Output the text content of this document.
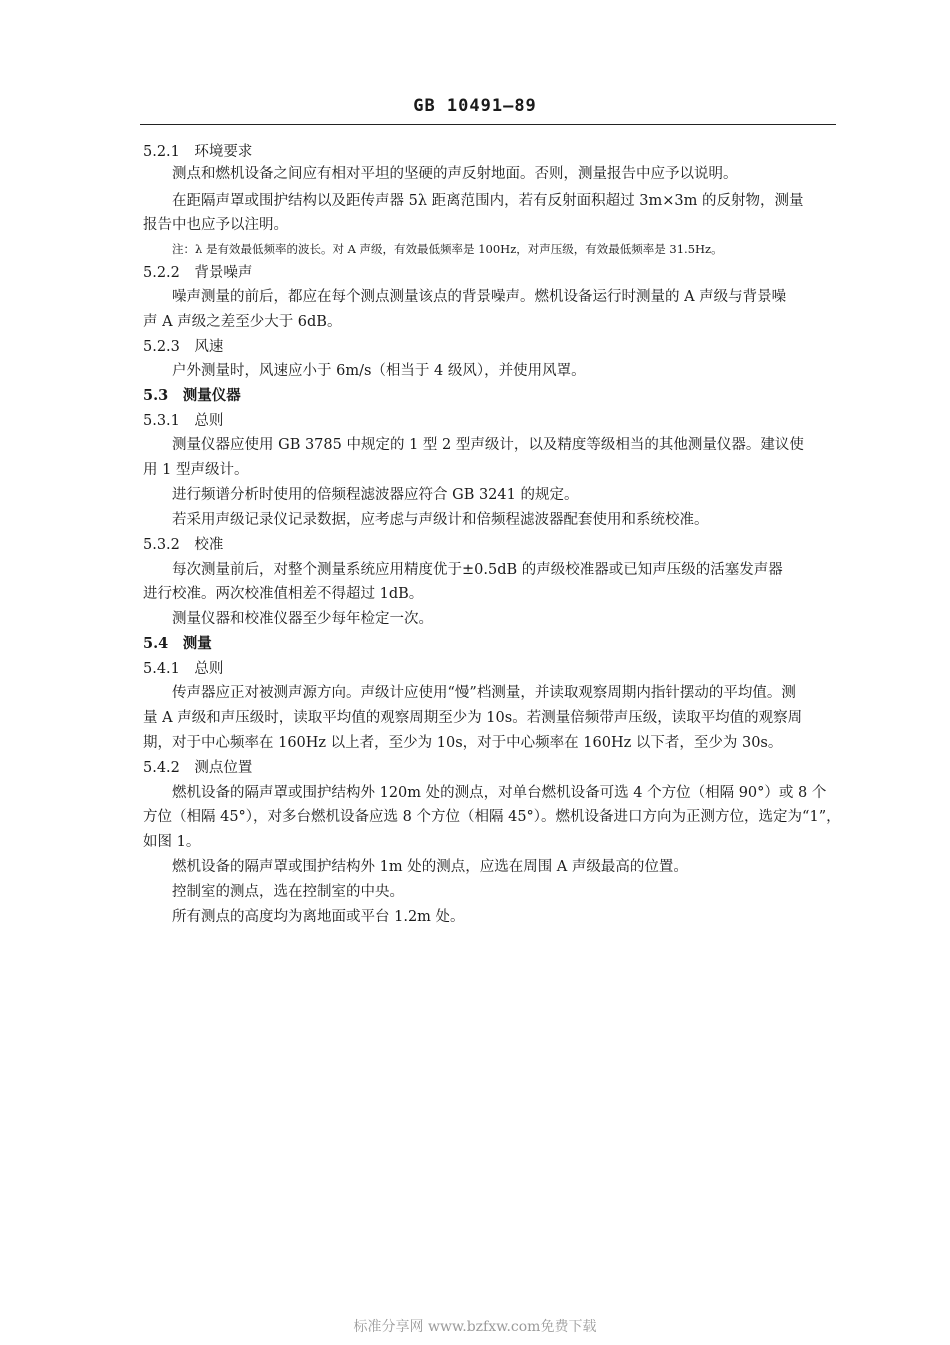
GB 10491—89
5.2.1　环境要求
测点和燃机设备之间应有相对平坦的坚硬的声反射地面。否则，测量报告中应予以说明。
在距隔声罩或围护结构以及距传声器 5λ 距离范围内，若有反射面积超过 3m×3m 的反射物，测量
报告中也应予以注明。
注：λ 是有效最低频率的波长。对 A 声级，有效最低频率是 100Hz，对声压级，有效最低频率是 31.5Hz。
5.2.2　背景噪声
噪声测量的前后，都应在每个测点测量该点的背景噪声。燃机设备运行时测量的 A 声级与背景噪
声 A 声级之差至少大于 6dB。
5.2.3　风速
户外测量时，风速应小于 6m/s（相当于 4 级风），并使用风罩。
5.3　测量仪器
5.3.1　总则
测量仪器应使用 GB 3785 中规定的 1 型 2 型声级计，以及精度等级相当的其他测量仪器。建议使
用 1 型声级计。
进行频谱分析时使用的倍频程滤波器应符合 GB 3241 的规定。
若采用声级记录仪记录数据，应考虑与声级计和倍频程滤波器配套使用和系统校准。
5.3.2　校准
每次测量前后，对整个测量系统应用精度优于±0.5dB 的声级校准器或已知声压级的活塞发声器
进行校准。两次校准值相差不得超过 1dB。
测量仪器和校准仪器至少每年检定一次。
5.4　测量
5.4.1　总则
传声器应正对被测声源方向。声级计应使用“慢”档测量，并读取观察周期内指针摆动的平均值。测
量 A 声级和声压级时，读取平均值的观察周期至少为 10s。若测量倍频带声压级，读取平均值的观察周
期，对于中心频率在 160Hz 以上者，至少为 10s，对于中心频率在 160Hz 以下者，至少为 30s。
5.4.2　测点位置
燃机设备的隔声罩或围护结构外 120m 处的测点，对单台燃机设备可选 4 个方位（相隔 90°）或 8 个
方位（相隔 45°），对多台燃机设备应选 8 个方位（相隔 45°）。燃机设备进口方向为正测方位，选定为“1”，
如图 1。
燃机设备的隔声罩或围护结构外 1m 处的测点，应选在周围 A 声级最高的位置。
控制室的测点，选在控制室的中央。
所有测点的高度均为离地面或平台 1.2m 处。
标准分享网 www.bzfxw.com免费下载
